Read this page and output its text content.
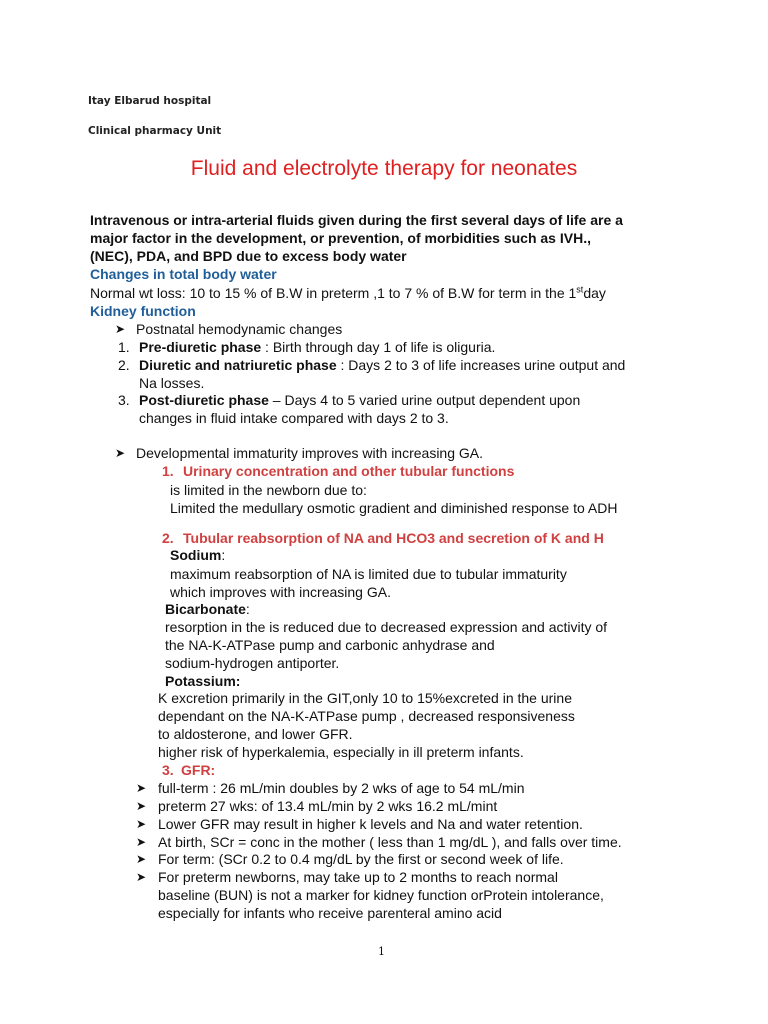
Itay Elbarud hospital
Clinical pharmacy Unit
Fluid and electrolyte therapy for neonates
Intravenous or intra-arterial fluids given during the first several days of life are a
major factor in the development, or prevention, of morbidities such as IVH.,
(NEC), PDA, and BPD due to excess body water
Changes in total body water
Normal wt loss: 10 to 15 % of B.W in preterm ,1 to 7 % of B.W for term in the 1stday
Kidney function
➤ Postnatal hemodynamic changes
1. Pre-diuretic phase : Birth through day 1 of life is oliguria.
2. Diuretic and natriuretic phase : Days 2 to 3 of life increases urine output and
Na losses.
3. Post-diuretic phase – Days 4 to 5 varied urine output dependent upon
changes in fluid intake compared with days 2 to 3.
➤ Developmental immaturity improves with increasing GA.
1. Urinary concentration and other tubular functions
is limited in the newborn due to:
Limited the medullary osmotic gradient and diminished response to ADH
2. Tubular reabsorption of NA and HCO3 and secretion of K and H
Sodium:
maximum reabsorption of NA is limited due to tubular immaturity
which improves with increasing GA.
Bicarbonate:
resorption in the is reduced due to decreased expression and activity of
the NA-K-ATPase pump and carbonic anhydrase and
sodium-hydrogen antiporter.
Potassium:
K excretion primarily in the GIT,only 10 to 15%excreted in the urine
dependant on the NA-K-ATPase pump , decreased responsiveness
to aldosterone, and lower GFR.
higher risk of hyperkalemia, especially in ill preterm infants.
3. GFR:
➤ full-term : 26 mL/min doubles by 2 wks of age to 54 mL/min
➤ preterm 27 wks: of 13.4 mL/min by 2 wks 16.2 mL/mint
➤ Lower GFR may result in higher k levels and Na and water retention.
➤ At birth, SCr = conc in the mother ( less than 1 mg/dL ), and falls over time.
➤ For term: (SCr 0.2 to 0.4 mg/dL by the first or second week of life.
➤ For preterm newborns, may take up to 2 months to reach normal
baseline (BUN) is not a marker for kidney function orProtein intolerance,
especially for infants who receive parenteral amino acid
1
